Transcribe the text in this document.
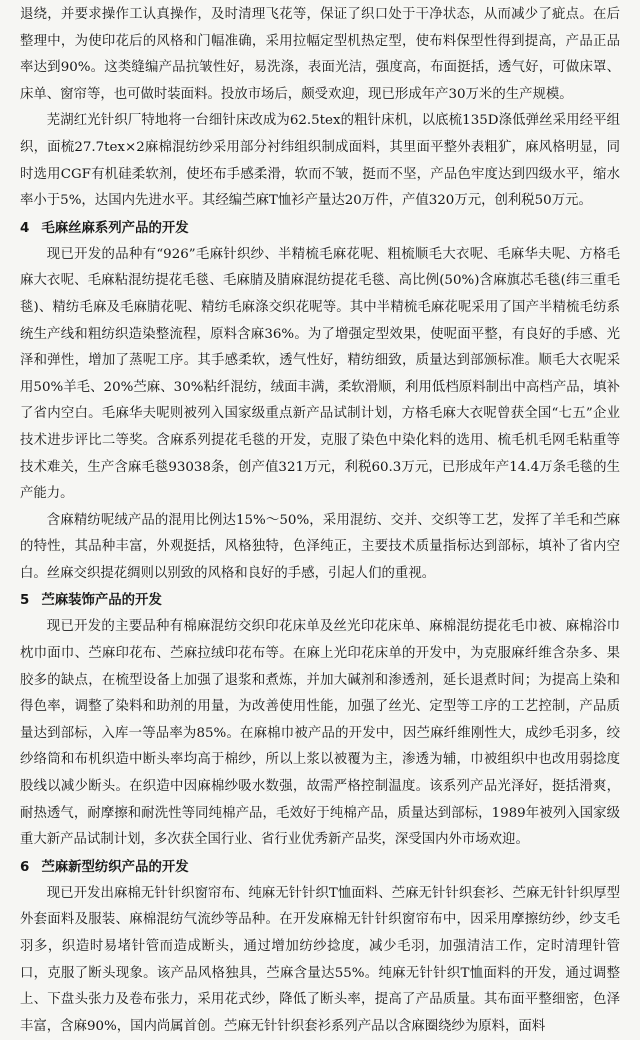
退绕，并要求操作工认真操作，及时清理飞花等，保证了织口处于干净状态，从而减少了疵点。在后整理中，为使印花后的风格和门幅准确，采用拉幅定型机热定型，使布料保型性得到提高，产品正品率达到90%。这类缝编产品抗皱性好，易洗涤，表面光洁，强度高，布面挺括，透气好，可做床罩、床单、窗帘等，也可做时装面料。投放市场后，颇受欢迎，现已形成年产30万米的生产规模。

芜湖红光针织厂特地将一台细针床改成为62.5tex的粗针床机，以底梳135D涤低弹丝采用经平组织，面梳27.7tex×2麻棉混纺纱采用部分衬纬组织制成面料，其里面平整外表粗犷，麻风格明显，同时选用CGF有机硅柔软剂，使坯布手感柔滑，软而不皱，挺而不坚，产品色牢度达到四级水平，缩水率小于5%，达国内先进水平。其经编苎麻T恤衫产量达20万件，产值320万元，创利税50万元。

4 毛麻丝麻系列产品的开发

现已开发的品种有“926”毛麻针织纱、半精梳毛麻花呢、粗梳顺毛大衣呢、毛麻华夫呢、方格毛麻大衣呢、毛麻粘混纺提花毛毯、毛麻腈及腈麻混纺提花毛毯、高比例(50%)含麻旗芯毛毯(纬三重毛毯)、精纺毛麻及毛麻腈花呢、精纺毛麻涤交织花呢等。其中半精梳毛麻花呢采用了国产半精梳毛纺系统生产线和粗纺织造染整流程，原料含麻36%。为了增强定型效果，使呢面平整，有良好的手感、光泽和弹性，增加了蒸呢工序。其手感柔软，透气性好，精纺细致，质量达到部颁标准。顺毛大衣呢采用50%羊毛、20%苎麻、30%粘纤混纺，绒面丰满，柔软滑顺，利用低档原料制出中高档产品，填补了省内空白。毛麻华夫呢则被列入国家级重点新产品试制计划，方格毛麻大衣呢曾获全国“七五”企业技术进步评比二等奖。含麻系列提花毛毯的开发，克服了染色中染化料的选用、梳毛机毛网毛粘重等技术难关，生产含麻毛毯93038条，创产值321万元，利税60.3万元，已形成年产14.4万条毛毯的生产能力。

含麻精纺呢绒产品的混用比例达15%～50%，采用混纺、交并、交织等工艺，发挥了羊毛和苎麻的特性，其品种丰富，外观挺括，风格独特，色泽纯正，主要技术质量指标达到部标，填补了省内空白。丝麻交织提花绸则以别致的风格和良好的手感，引起人们的重视。

5 苎麻装饰产品的开发

现已开发的主要品种有棉麻混纺交织印花床单及丝光印花床单、麻棉混纺提花毛巾被、麻棉浴巾枕巾面巾、苎麻印花布、苎麻拉绒印花布等。在麻上光印花床单的开发中，为克服麻纤维含杂多、果胶多的缺点，在梳型设备上加强了退浆和煮炼，并加大碱剂和渗透剂，延长退煮时间；为提高上染和得色率，调整了染料和助剂的用量，为改善使用性能，加强了丝光、定型等工序的工艺控制，产品质量达到部标，入库一等品率为85%。在麻棉巾被产品的开发中，因苎麻纤维刚性大，成纱毛羽多，绞纱络筒和布机织造中断头率均高于棉纱，所以上浆以被覆为主，渗透为辅，巾被组织中也改用弱捻度股线以减少断头。在织造中因麻棉纱吸水数强，故需严格控制温度。该系列产品光泽好，挺括滑爽，耐热透气，耐摩擦和耐洗性等同纯棉产品，毛效好于纯棉产品，质量达到部标，1989年被列入国家级重大新产品试制计划，多次获全国行业、省行业优秀新产品奖，深受国内外市场欢迎。

6 苎麻新型纺织产品的开发

现已开发出麻棉无针针织窗帘布、纯麻无针针织T恤面料、苎麻无针针织套衫、苎麻无针针织厚型外套面料及服装、麻棉混纺气流纱等品种。在开发麻棉无针针织窗帘布中，因采用摩擦纺纱，纱支毛羽多，织造时易堵针管而造成断头，通过增加纺纱捻度，减少毛羽，加强清洁工作，定时清理针管口，克服了断头现象。该产品风格独具，苎麻含量达55%。纯麻无针针织T恤面料的开发，通过调整上、下盘头张力及卷布张力，采用花式纱，降低了断头率，提高了产品质量。其布面平整细密，色泽丰富，含麻90%，国内尚属首创。苎麻无针针织套衫系列产品以含麻圈绕纱为原料，面料
